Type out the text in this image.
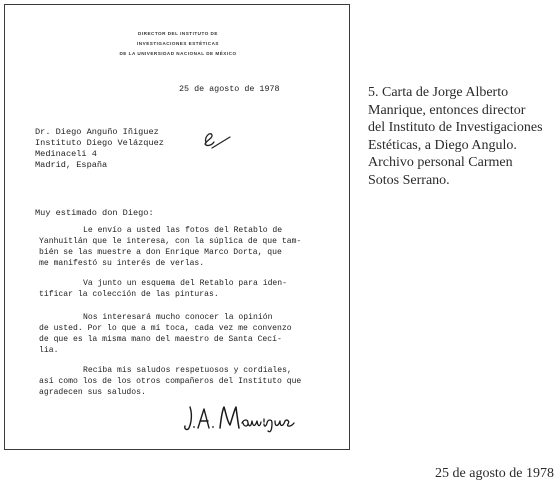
DIRECTOR DEL INSTITUTO DE
INVESTIGACIONES ESTÉTICAS
DE LA UNIVERSIDAD NACIONAL DE MÉXICO
25 de agosto de 1978
Dr. Diego Anguño Iñiguez
Instituto Diego Velázquez
Medinaceli 4
Madrid, España
Muy estimado don Diego:
Le envío a usted las fotos del Retablo de
Yanhuitlán que le interesa, con la súplica de que tam-
bién se las muestre a don Enrique Marco Dorta, que
me manifestó su interés de verlas.
Va junto un esquema del Retablo para iden-
tificar la colección de las pinturas.
Nos interesará mucho conocer la opinión
de usted. Por lo que a mí toca, cada vez me convenzo
de que es la misma mano del maestro de Santa Cecí-
lia.
Reciba mis saludos respetuosos y cordiales,
así como los de los otros compañeros del Instituto que
agradecen sus saludos.
5. Carta de Jorge Alberto
Manrique, entonces director
del Instituto de Investigaciones
Estéticas, a Diego Angulo.
Archivo personal Carmen
Sotos Serrano.
25 de agosto de 1978
